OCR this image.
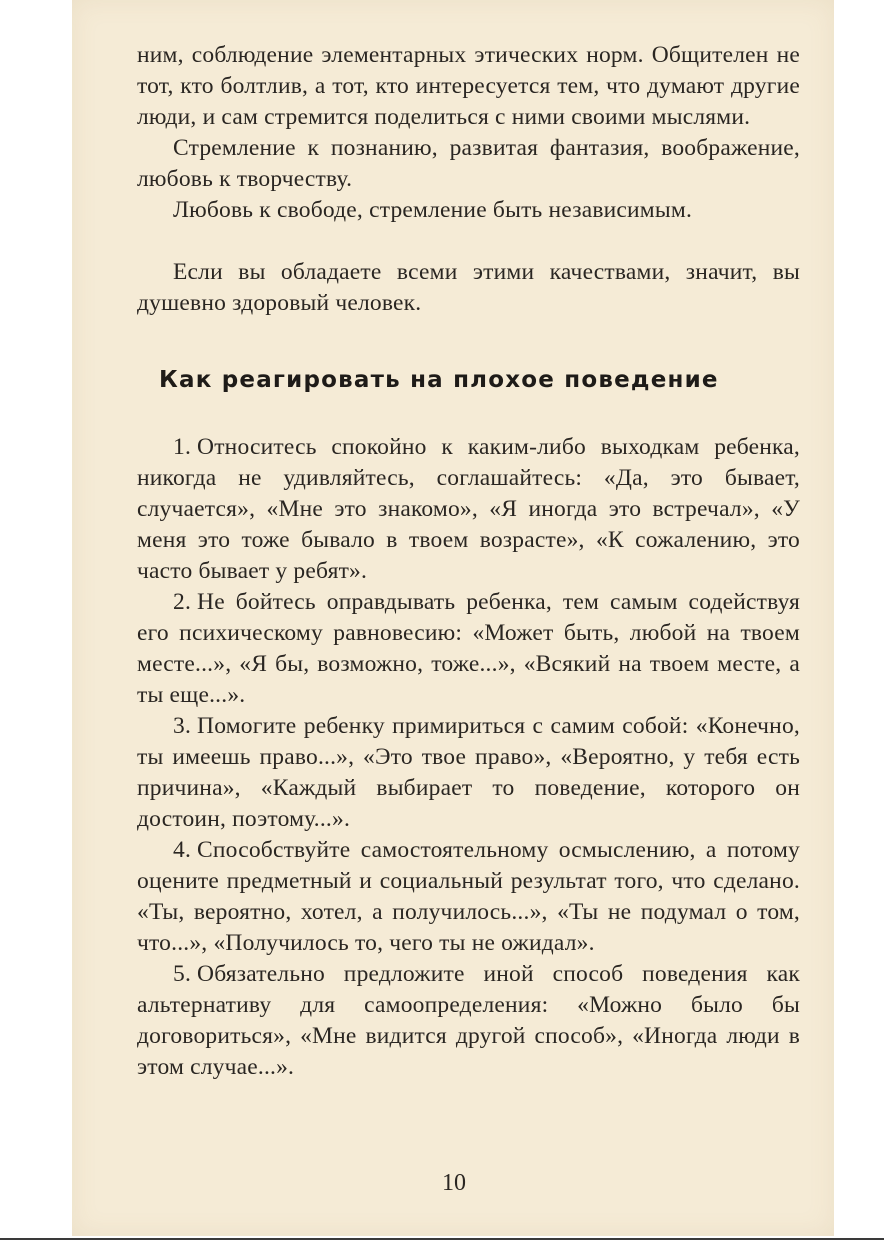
ним, соблюдение элементарных этических норм. Общителен не тот, кто болтлив, а тот, кто интересуется тем, что думают другие люди, и сам стремится поделиться с ними своими мыслями.

Стремление к познанию, развитая фантазия, воображение, любовь к творчеству.

Любовь к свободе, стремление быть независимым.

Если вы обладаете всеми этими качествами, значит, вы душевно здоровый человек.

Как реагировать на плохое поведение

1. Относитесь спокойно к каким-либо выходкам ребенка, никогда не удивляйтесь, соглашайтесь: «Да, это бывает, случается», «Мне это знакомо», «Я иногда это встречал», «У меня это тоже бывало в твоем возрасте», «К сожалению, это часто бывает у ребят».

2. Не бойтесь оправдывать ребенка, тем самым содействуя его психическому равновесию: «Может быть, любой на твоем месте...», «Я бы, возможно, тоже...», «Всякий на твоем месте, а ты еще...».

3. Помогите ребенку примириться с самим собой: «Конечно, ты имеешь право...», «Это твое право», «Вероятно, у тебя есть причина», «Каждый выбирает то поведение, которого он достоин, поэтому...».

4. Способствуйте самостоятельному осмыслению, а потому оцените предметный и социальный результат того, что сделано. «Ты, вероятно, хотел, а получилось...», «Ты не подумал о том, что...», «Получилось то, чего ты не ожидал».

5. Обязательно предложите иной способ поведения как альтернативу для самоопределения: «Можно было бы договориться», «Мне видится другой способ», «Иногда люди в этом случае...».

10
